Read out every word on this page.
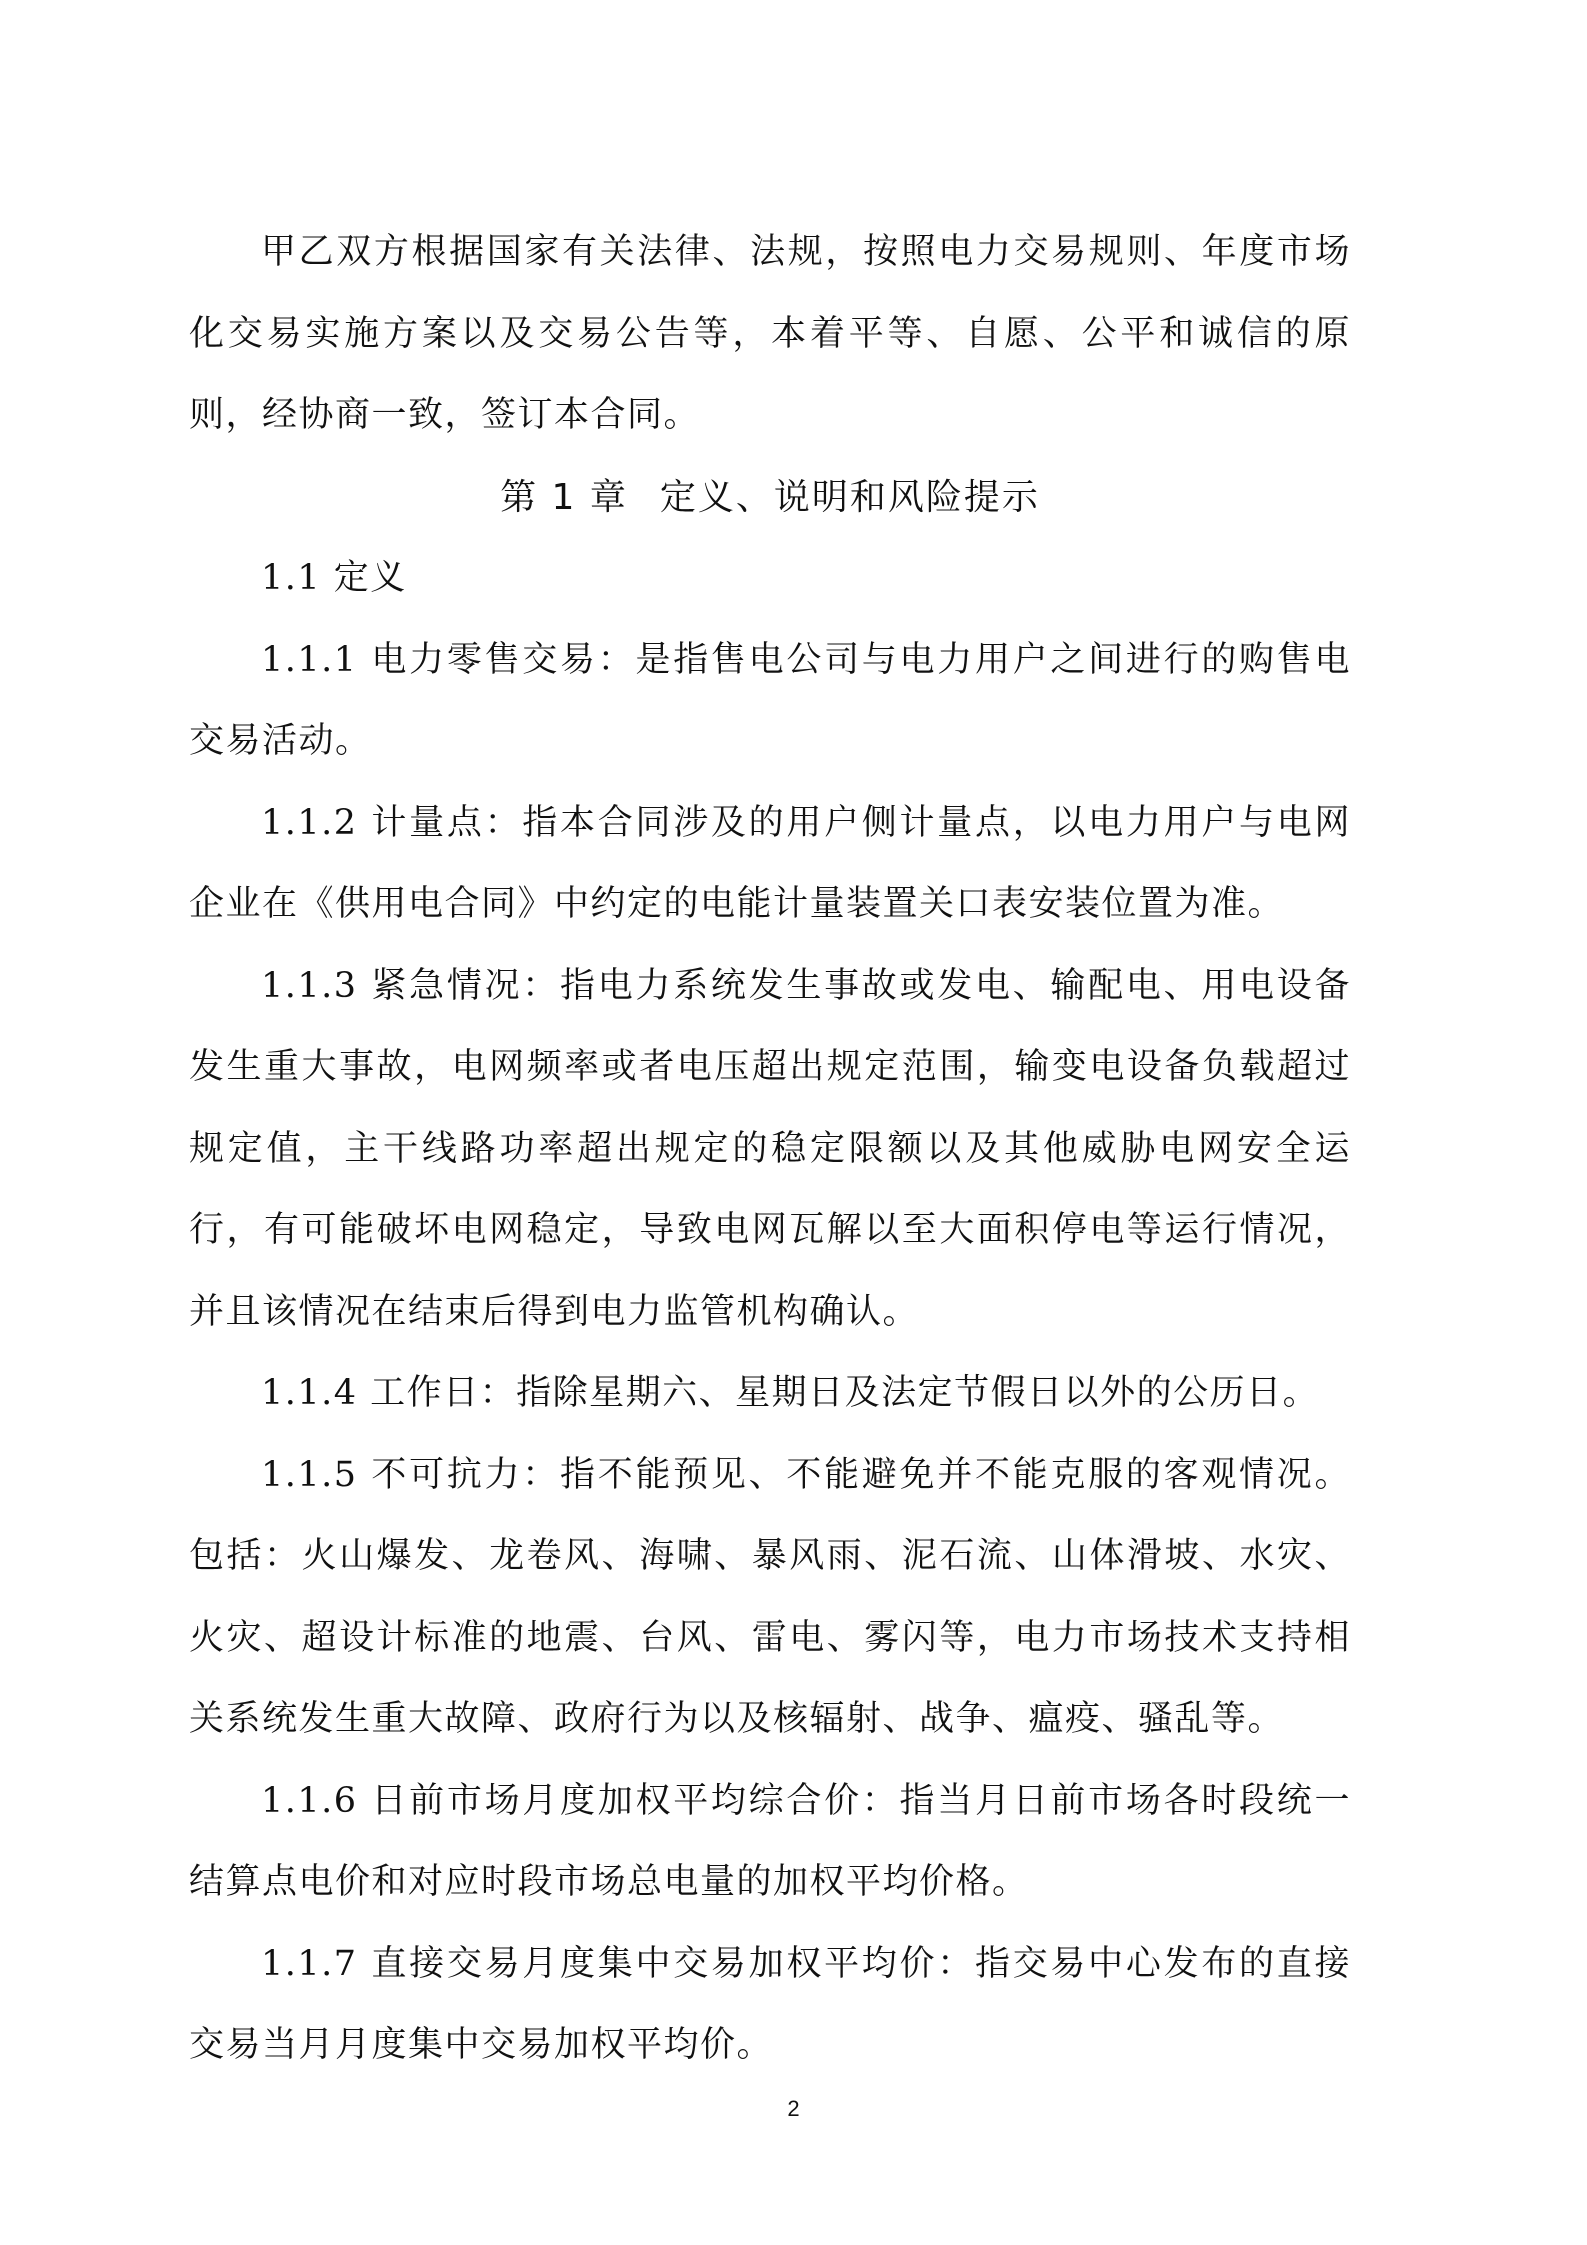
甲乙双方根据国家有关法律、法规，按照电力交易规则、年度市场化交易实施方案以及交易公告等，本着平等、自愿、公平和诚信的原则，经协商一致，签订本合同。

第 1 章 定义、说明和风险提示

1.1 定义

1.1.1 电力零售交易：是指售电公司与电力用户之间进行的购售电交易活动。

1.1.2 计量点：指本合同涉及的用户侧计量点，以电力用户与电网企业在《供用电合同》中约定的电能计量装置关口表安装位置为准。

1.1.3 紧急情况：指电力系统发生事故或发电、输配电、用电设备发生重大事故，电网频率或者电压超出规定范围，输变电设备负载超过规定值，主干线路功率超出规定的稳定限额以及其他威胁电网安全运行，有可能破坏电网稳定，导致电网瓦解以至大面积停电等运行情况，并且该情况在结束后得到电力监管机构确认。

1.1.4 工作日：指除星期六、星期日及法定节假日以外的公历日。

1.1.5 不可抗力：指不能预见、不能避免并不能克服的客观情况。包括：火山爆发、龙卷风、海啸、暴风雨、泥石流、山体滑坡、水灾、火灾、超设计标准的地震、台风、雷电、雾闪等，电力市场技术支持相关系统发生重大故障、政府行为以及核辐射、战争、瘟疫、骚乱等。

1.1.6 日前市场月度加权平均综合价：指当月日前市场各时段统一结算点电价和对应时段市场总电量的加权平均价格。

1.1.7 直接交易月度集中交易加权平均价：指交易中心发布的直接交易当月月度集中交易加权平均价。

2
